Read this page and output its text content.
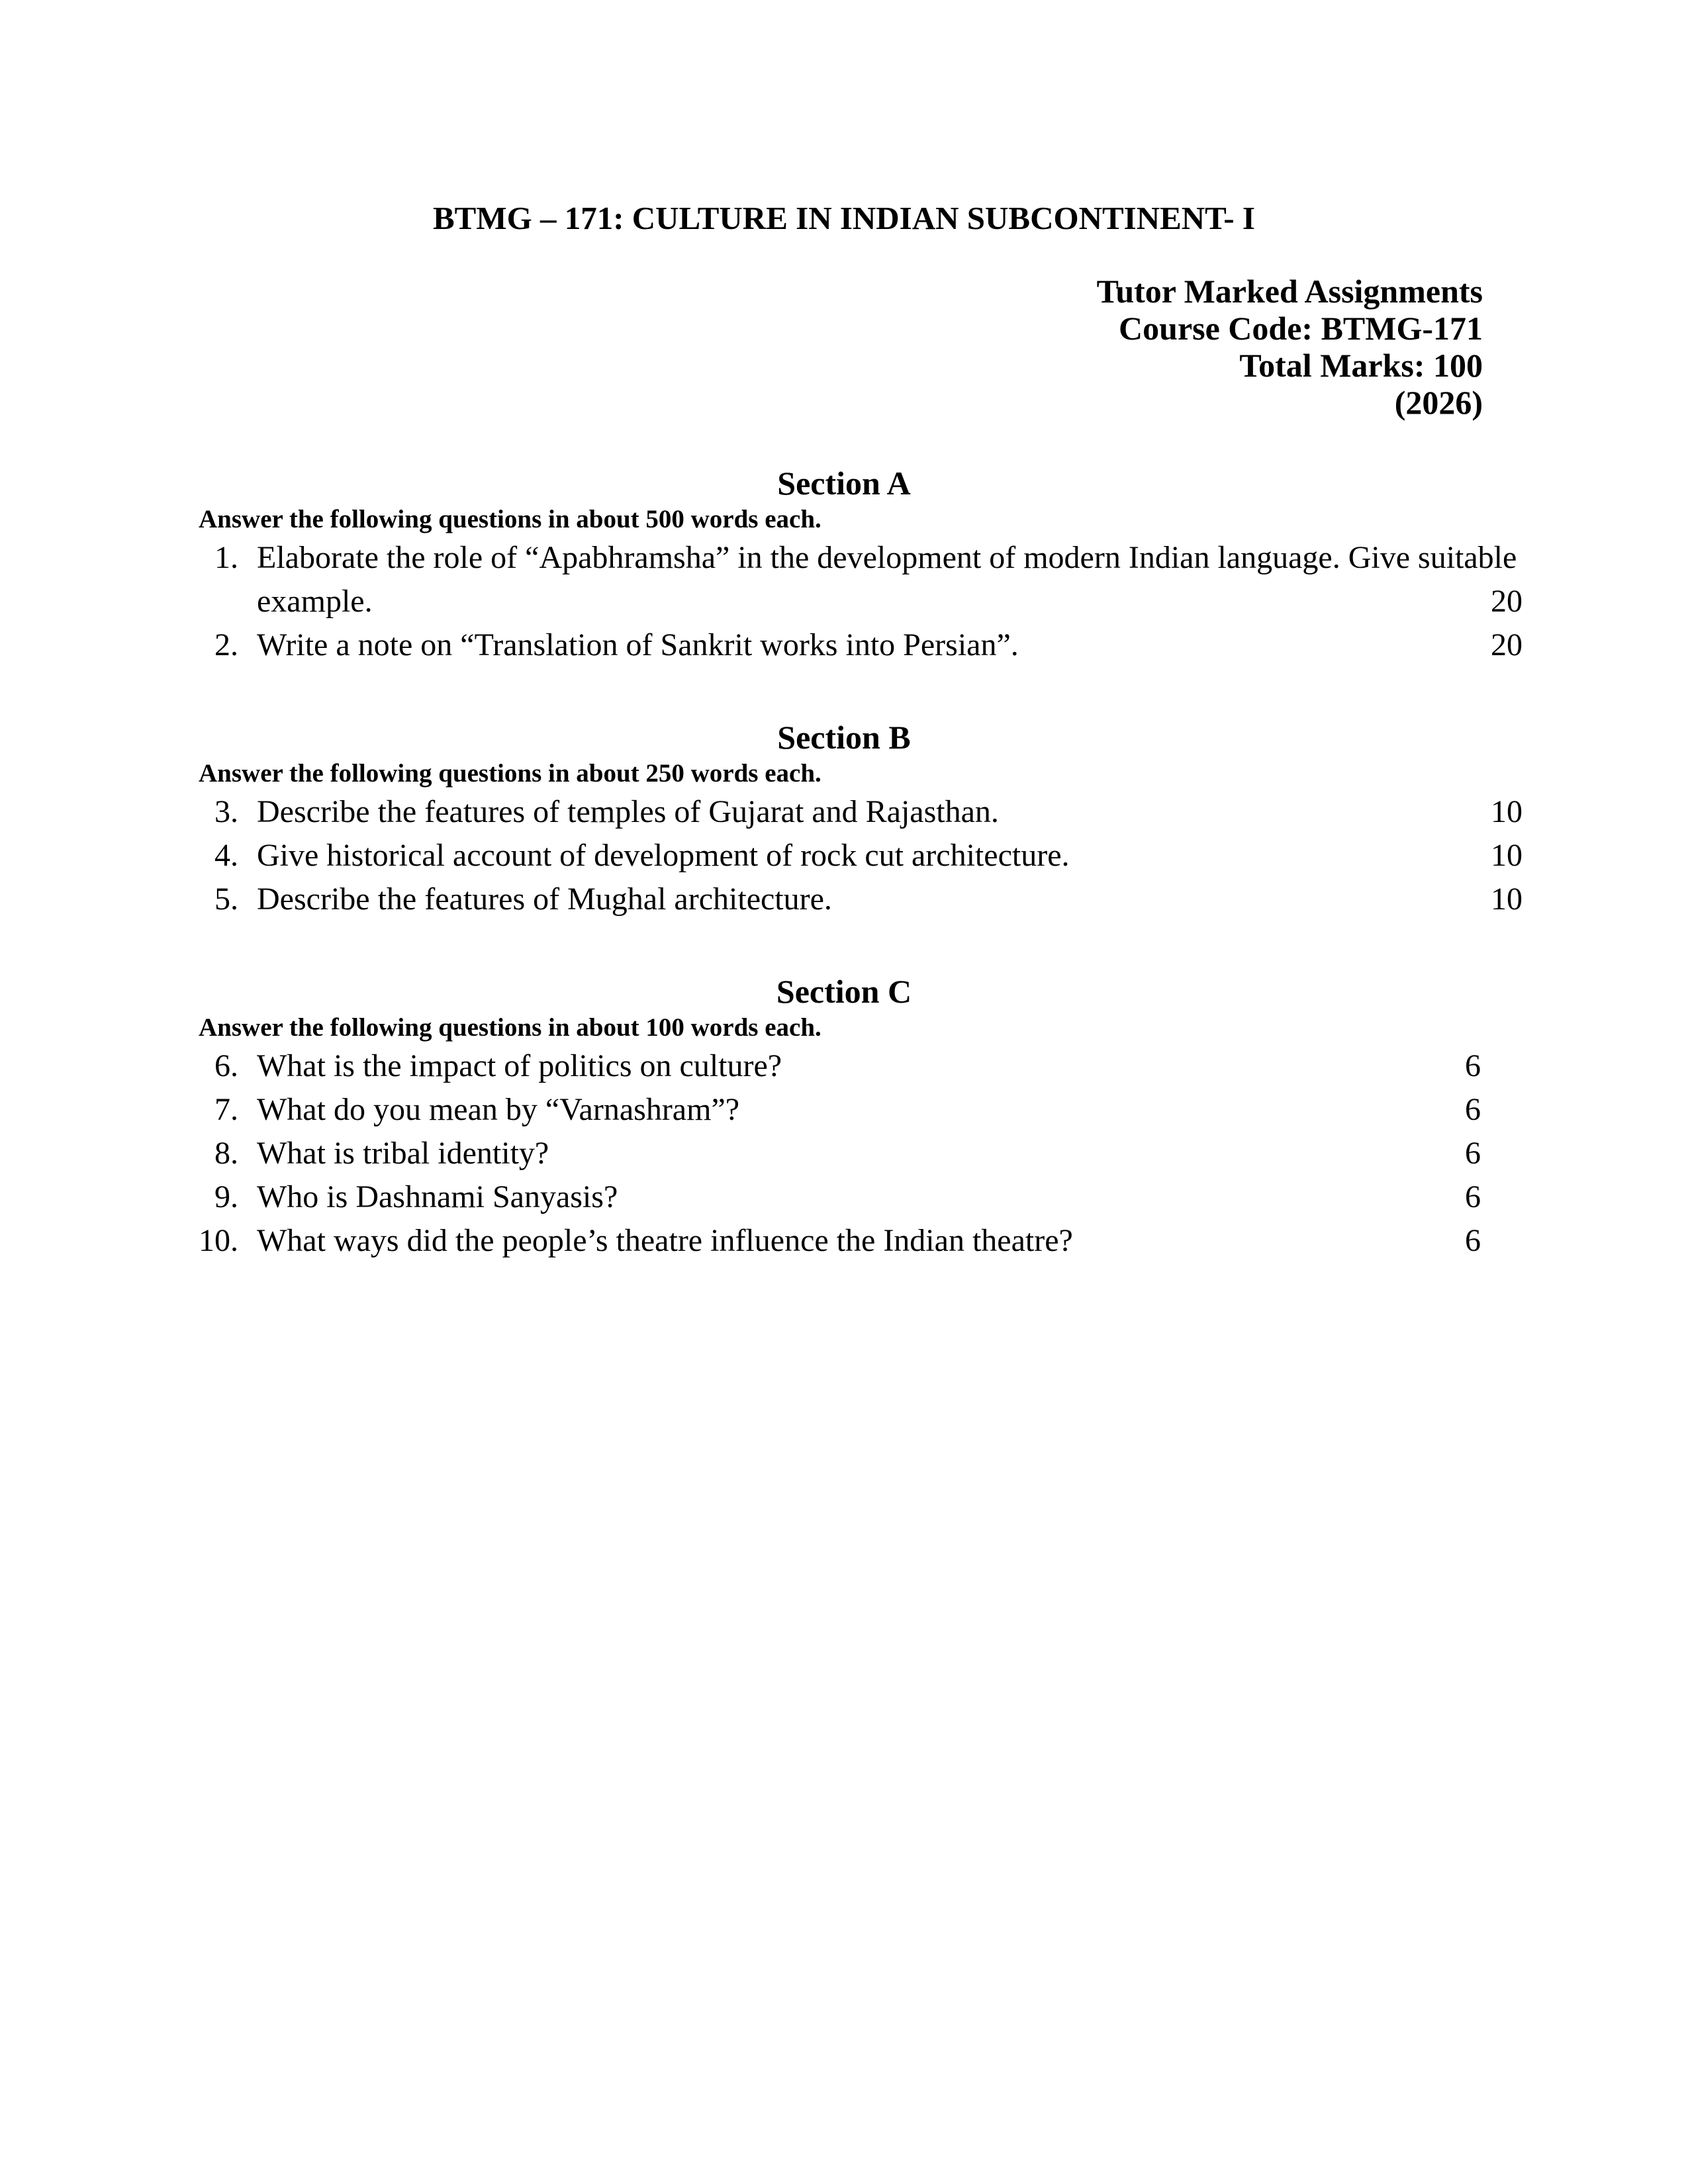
BTMG – 171: CULTURE IN INDIAN SUBCONTINENT- I
Tutor Marked Assignments
Course Code: BTMG-171
Total Marks: 100
(2026)
Section A
Answer the following questions in about 500 words each.
1. Elaborate the role of “Apabhramsha” in the development of modern Indian language. Give suitable example.	20
2. Write a note on “Translation of Sankrit works into Persian”.	20
Section B
Answer the following questions in about 250 words each.
3. Describe the features of temples of Gujarat and Rajasthan.	10
4. Give historical account of development of rock cut architecture.	10
5. Describe the features of Mughal architecture.	10
Section C
Answer the following questions in about 100 words each.
6. What is the impact of politics on culture?	6
7. What do you mean by “Varnashram”?	6
8. What is tribal identity?	6
9. Who is Dashnami Sanyasis?	6
10. What ways did the people’s theatre influence the Indian theatre?	6
